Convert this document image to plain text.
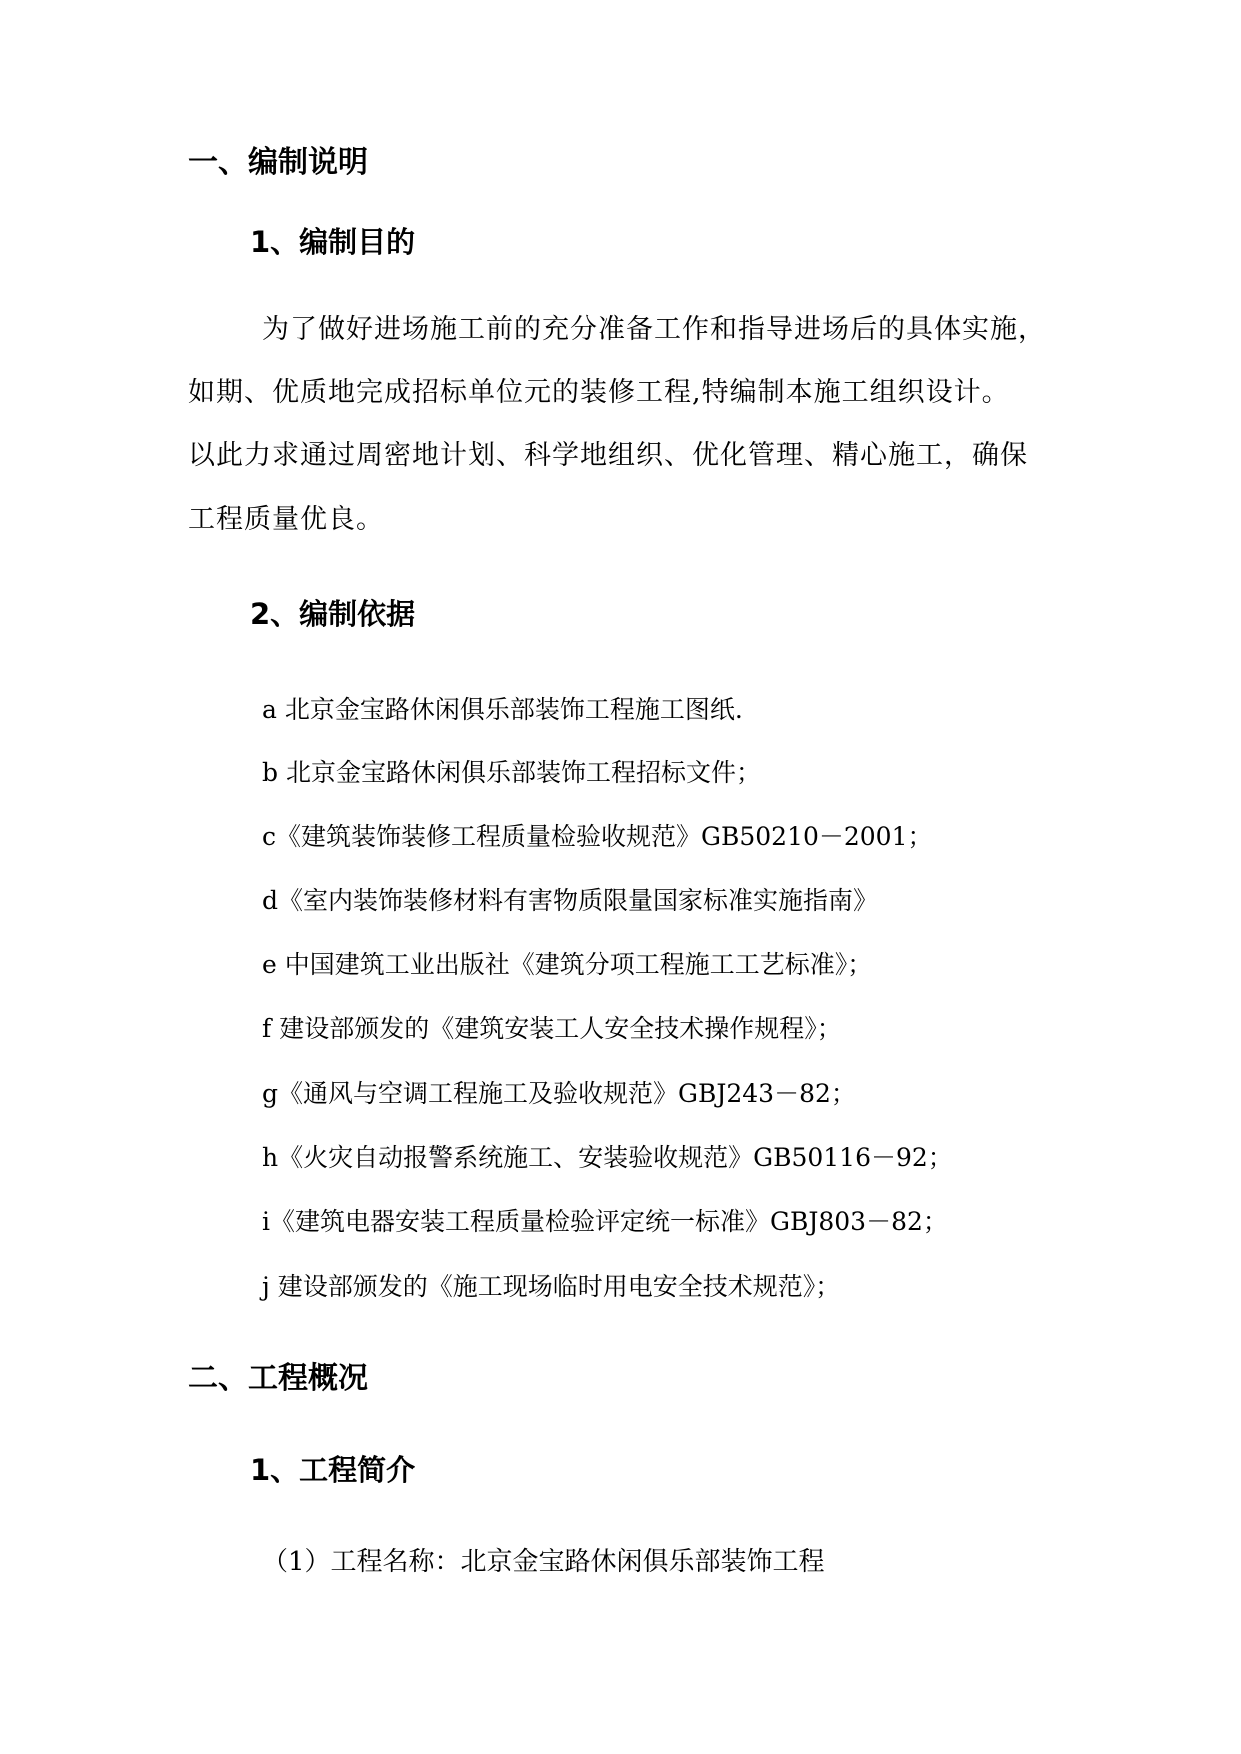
一、编制说明
1、编制目的
为了做好进场施工前的充分准备工作和指导进场后的具体实施，
如期、优质地完成招标单位元的装修工程,特编制本施工组织设计。
以此力求通过周密地计划、科学地组织、优化管理、精心施工，确保
工程质量优良。
2、编制依据
a 北京金宝路休闲俱乐部装饰工程施工图纸.
b 北京金宝路休闲俱乐部装饰工程招标文件；
c《建筑装饰装修工程质量检验收规范》GB50210－2001；
d《室内装饰装修材料有害物质限量国家标准实施指南》
e 中国建筑工业出版社《建筑分项工程施工工艺标准》；
f 建设部颁发的《建筑安装工人安全技术操作规程》；
g《通风与空调工程施工及验收规范》GBJ243－82；
h《火灾自动报警系统施工、安装验收规范》GB50116－92；
i《建筑电器安装工程质量检验评定统一标准》GBJ803－82；
j 建设部颁发的《施工现场临时用电安全技术规范》；
二、工程概况
1、工程简介
（1）工程名称：北京金宝路休闲俱乐部装饰工程
